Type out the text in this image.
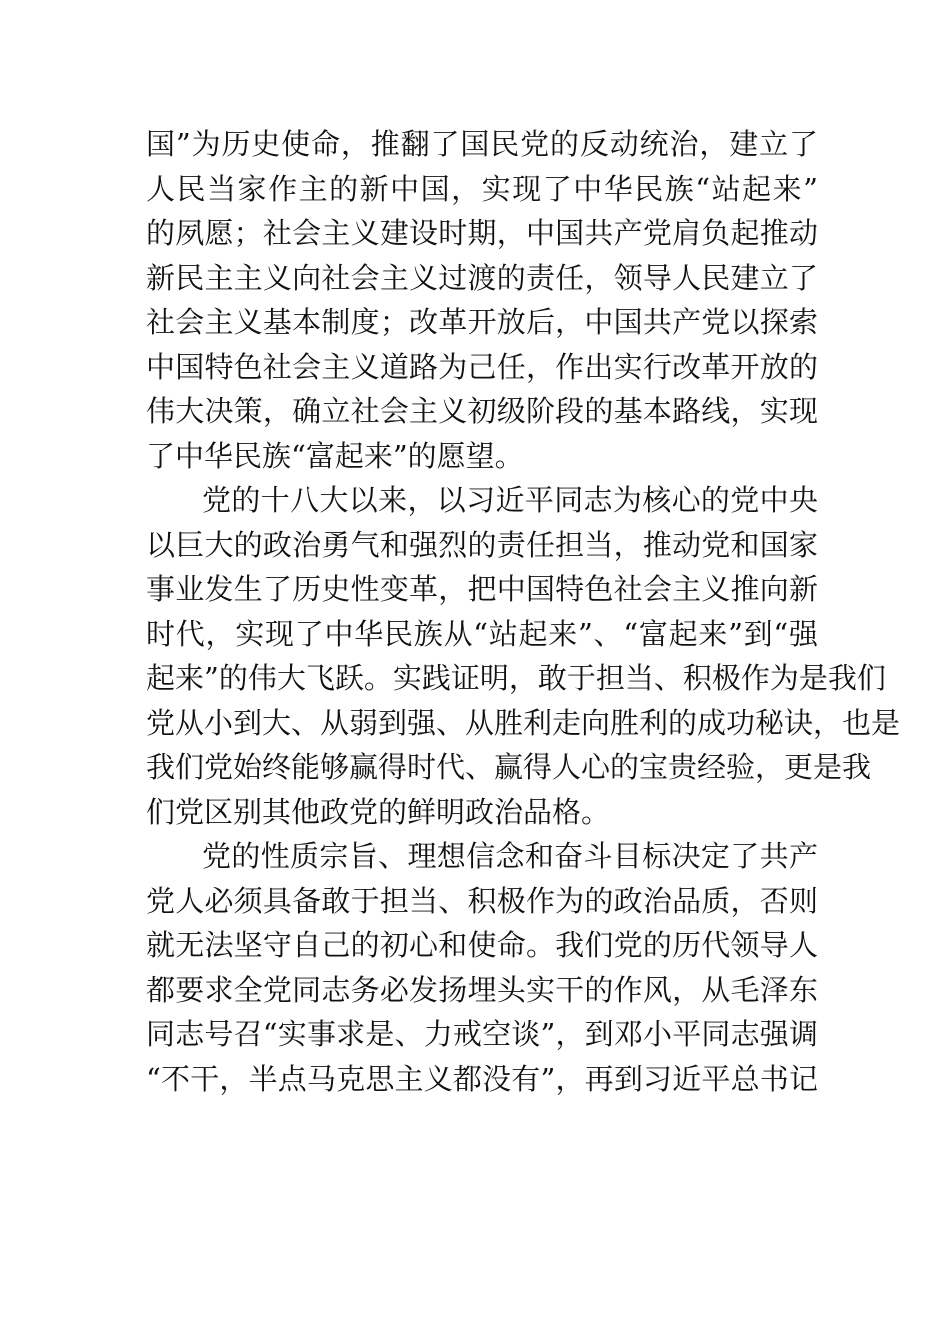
国”为历史使命，推翻了国民党的反动统治，建立了
人民当家作主的新中国，实现了中华民族“站起来”
的夙愿；社会主义建设时期，中国共产党肩负起推动
新民主主义向社会主义过渡的责任，领导人民建立了
社会主义基本制度；改革开放后，中国共产党以探索
中国特色社会主义道路为己任，作出实行改革开放的
伟大决策，确立社会主义初级阶段的基本路线，实现
了中华民族“富起来”的愿望。
党的十八大以来，以习近平同志为核心的党中央
以巨大的政治勇气和强烈的责任担当，推动党和国家
事业发生了历史性变革，把中国特色社会主义推向新
时代，实现了中华民族从“站起来”、“富起来”到“强
起来”的伟大飞跃。实践证明，敢于担当、积极作为是我们
党从小到大、从弱到强、从胜利走向胜利的成功秘诀，也是
我们党始终能够赢得时代、赢得人心的宝贵经验，更是我
们党区别其他政党的鲜明政治品格。
党的性质宗旨、理想信念和奋斗目标决定了共产
党人必须具备敢于担当、积极作为的政治品质，否则
就无法坚守自己的初心和使命。我们党的历代领导人
都要求全党同志务必发扬埋头实干的作风，从毛泽东
同志号召“实事求是、力戒空谈”，到邓小平同志强调
“不干，半点马克思主义都没有”，再到习近平总书记
